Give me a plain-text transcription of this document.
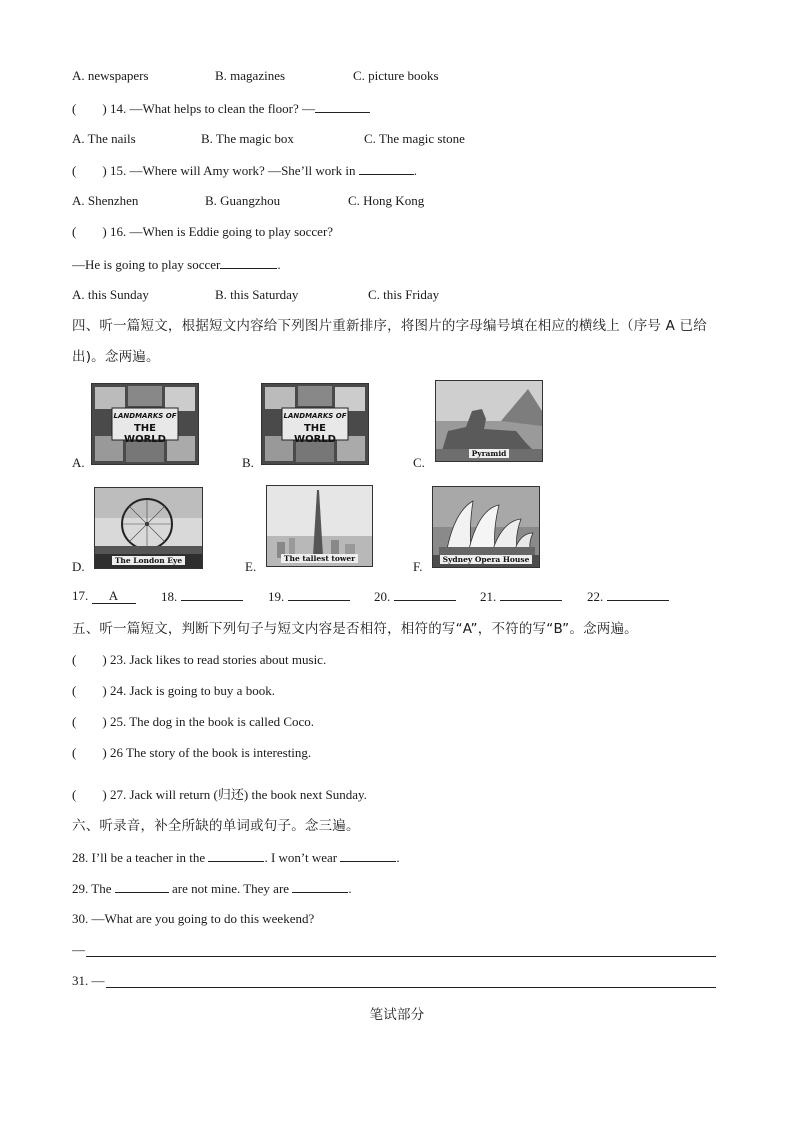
A. newspapers	B. magazines	C. picture books
( ) 14. —What helps to clean the floor? —
A. The nails	B. The magic box	C. The magic stone
( ) 15. —Where will Amy work? —She’ll work in	.
A. Shenzhen	B. Guangzhou	C. Hong Kong
( ) 16. —When is Eddie going to play soccer?
—He is going to play soccer	.
A. this Sunday	B. this Saturday	C. this Friday
四、听一篇短文，根据短文内容给下列图片重新排序，将图片的字母编号填在相应的横线上（序号 A 已给
出)。念两遍。
A.
LANDMARKS OF
THE WORLD
B.
LANDMARKS OF
THE WORLD
C.
Pyramid
D.	The London Eye	E.
The tallest tower
F.	Sydney Opera House
17. A	18.	19.	20.	21.	22.
五、听一篇短文，判断下列句子与短文内容是否相符，相符的写“A”，不符的写“B”。念两遍。
( ) 23. Jack likes to read stories about music.
( ) 24. Jack is going to buy a book.
( ) 25. The dog in the book is called Coco.
( ) 26 The story of the book is interesting.
( ) 27. Jack will return (归还) the book next Sunday.
六、听录音，补全所缺的单词或句子。念三遍。
28. I’ll be a teacher in the	. I won’t wear	.
29. The	are not mine. They are	.
30. —What are you going to do this weekend?
—
31. —
笔试部分
